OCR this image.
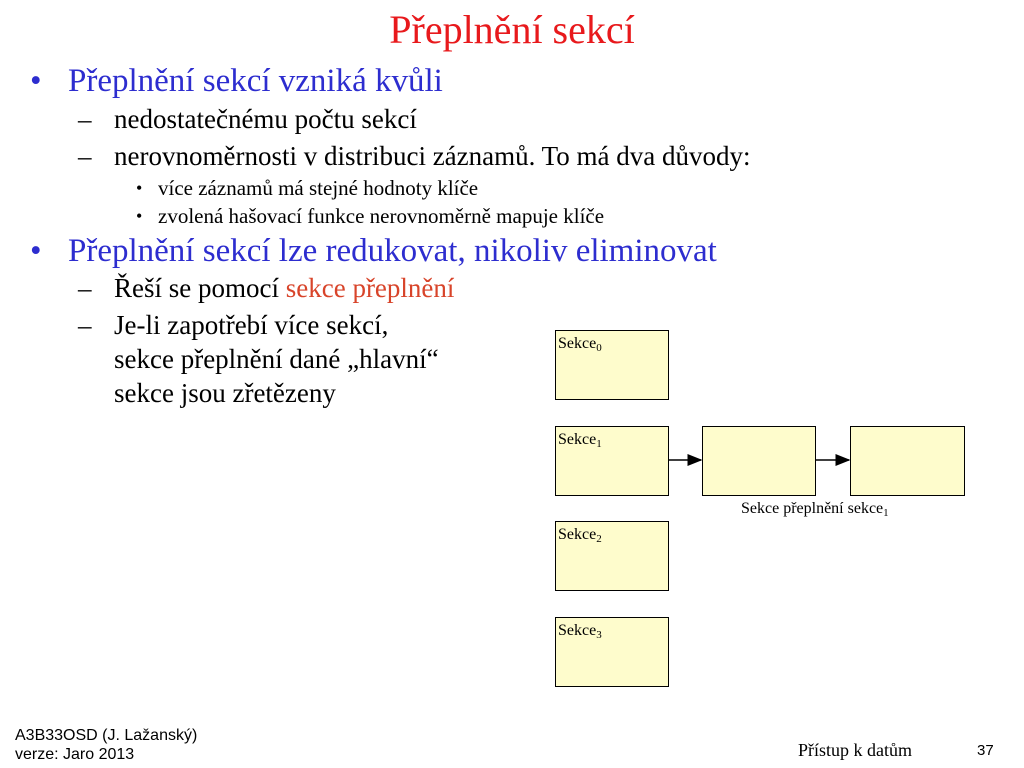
Přeplnění sekcí
• Přeplnění sekcí vzniká kvůli
– nedostatečnému počtu sekcí
– nerovnoměrnosti v distribuci záznamů. To má dva důvody:
• více záznamů má stejné hodnoty klíče
• zvolená hašovací funkce nerovnoměrně mapuje klíče
• Přeplnění sekcí lze redukovat, nikoliv eliminovat
– Řeší se pomocí sekce přeplnění
– Je-li zapotřebí více sekcí,
sekce přeplnění dané „hlavní“
sekce jsou zřetězeny
Sekce$_0$
Sekce$_1$
Sekce přeplnění sekce$_1$
Sekce$_2$
Sekce$_3$
A3B33OSD (J. Lažanský)
verze: Jaro 2013	Přístup k datům	37
